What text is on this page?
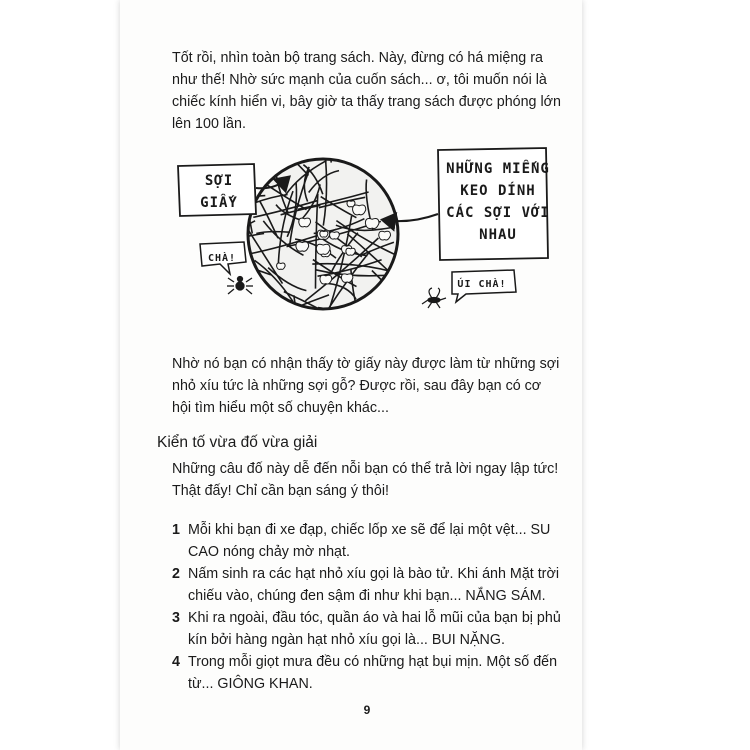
Tốt rồi, nhìn toàn bộ trang sách. Này, đừng có há miệng ra như thế! Nhờ sức mạnh của cuốn sách... ơ, tôi muốn nói là chiếc kính hiển vi, bây giờ ta thấy trang sách được phóng lớn lên 100 lần.

SỢI GIẤY
NHỮNG MIẾNG KEO DÍNH CÁC SỢI VỚI NHAU
CHÀ!
ÚI CHÀ!

Nhờ nó bạn có nhận thấy tờ giấy này được làm từ những sợi nhỏ xíu tức là những sợi gỗ? Được rồi, sau đây bạn có cơ hội tìm hiểu một số chuyện khác...

Kiển tố vừa đố vừa giải

Những câu đố này dễ đến nỗi bạn có thể trả lời ngay lập tức! Thật đấy! Chỉ cần bạn sáng ý thôi!

1 Mỗi khi bạn đi xe đạp, chiếc lốp xe sẽ để lại một vệt... SU CAO nóng chảy mờ nhạt.
2 Nấm sinh ra các hạt nhỏ xíu gọi là bào tử. Khi ánh Mặt trời chiếu vào, chúng đen sậm đi như khi bạn... NẮNG SÁM.
3 Khi ra ngoài, đầu tóc, quần áo và hai lỗ mũi của bạn bị phủ kín bởi hàng ngàn hạt nhỏ xíu gọi là... BUI NẶNG.
4 Trong mỗi giọt mưa đều có những hạt bụi mịn. Một số đến từ... GIÔNG KHAN.
9
